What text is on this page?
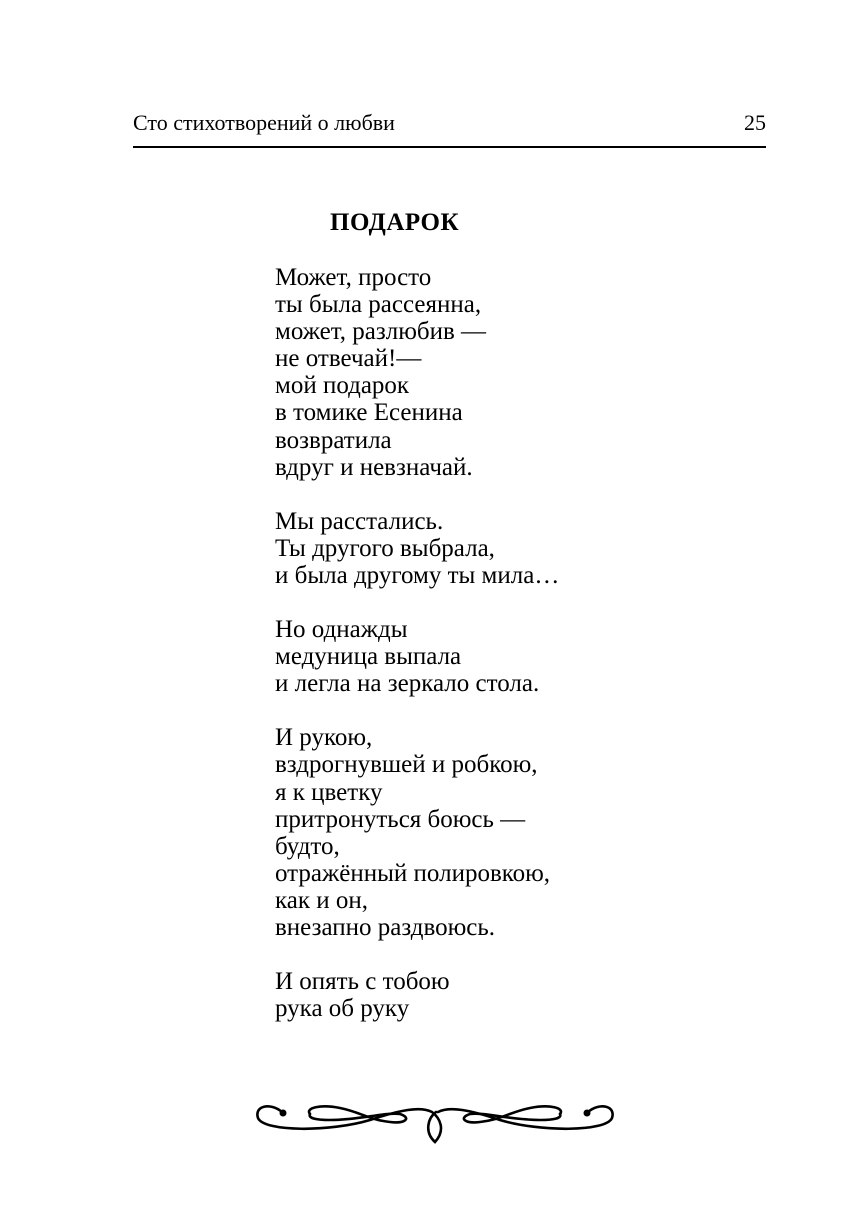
Сто стихотворений о любви	25
ПОДАРОК
Может, просто
ты была рассеянна,
может, разлюбив —
не отвечай!—
мой подарок
в томике Есенина
возвратила
вдруг и невзначай.
Мы расстались.
Ты другого выбрала,
и была другому ты мила…
Но однажды
медуница выпала
и легла на зеркало стола.
И рукою,
вздрогнувшей и робкою,
я к цветку
притронуться боюсь —
будто,
отражённый полировкою,
как и он,
внезапно раздвоюсь.
И опять с тобою
рука об руку
